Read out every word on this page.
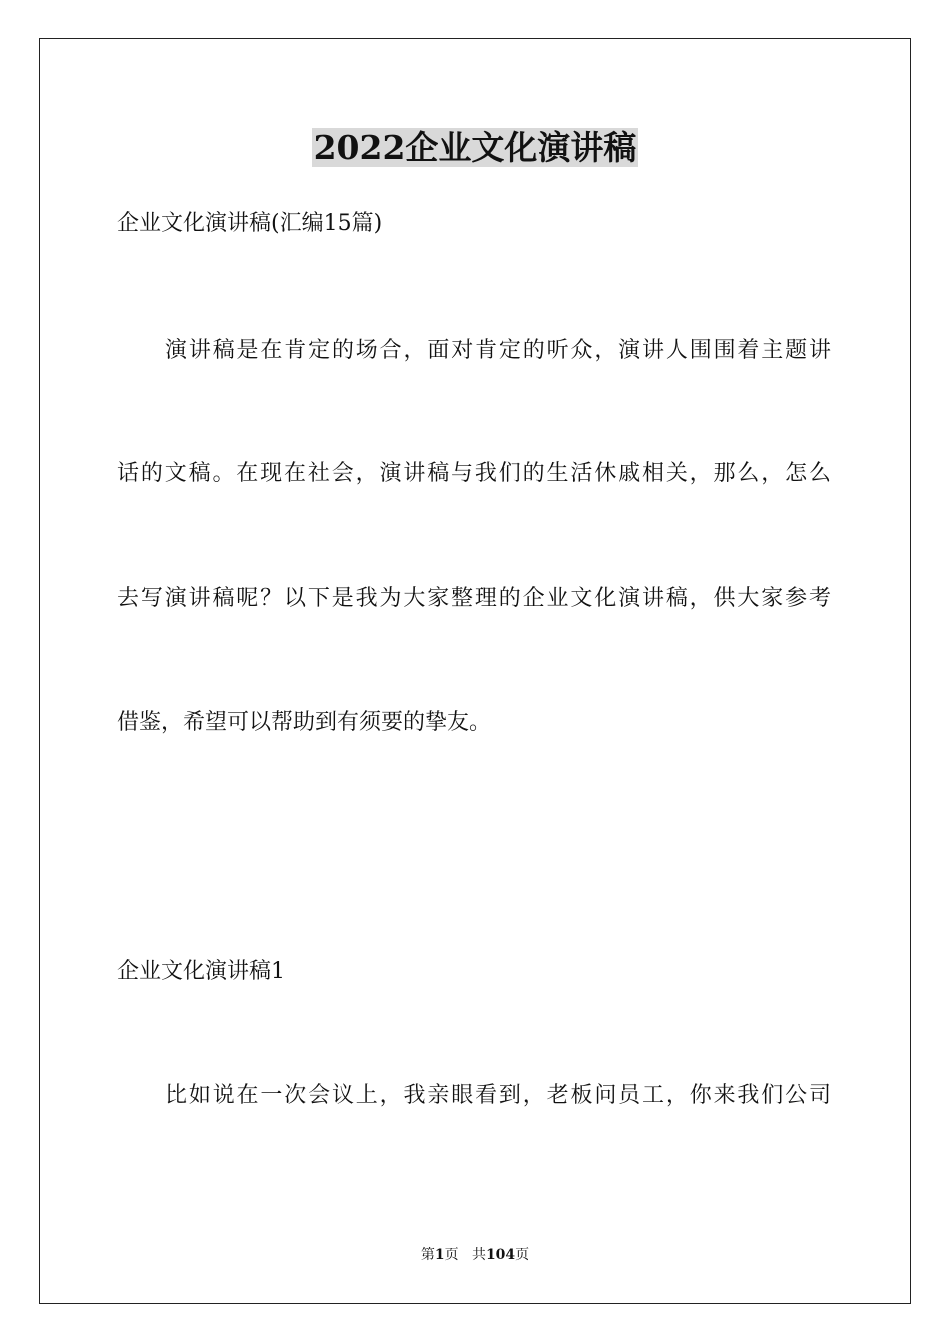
2022企业文化演讲稿
企业文化演讲稿(汇编15篇)
演讲稿是在肯定的场合，面对肯定的听众，演讲人围围着主题讲
话的文稿。在现在社会，演讲稿与我们的生活休戚相关，那么，怎么
去写演讲稿呢？以下是我为大家整理的企业文化演讲稿，供大家参考
借鉴，希望可以帮助到有须要的挚友。
企业文化演讲稿1
比如说在一次会议上，我亲眼看到，老板问员工，你来我们公司
第1页 共104页
